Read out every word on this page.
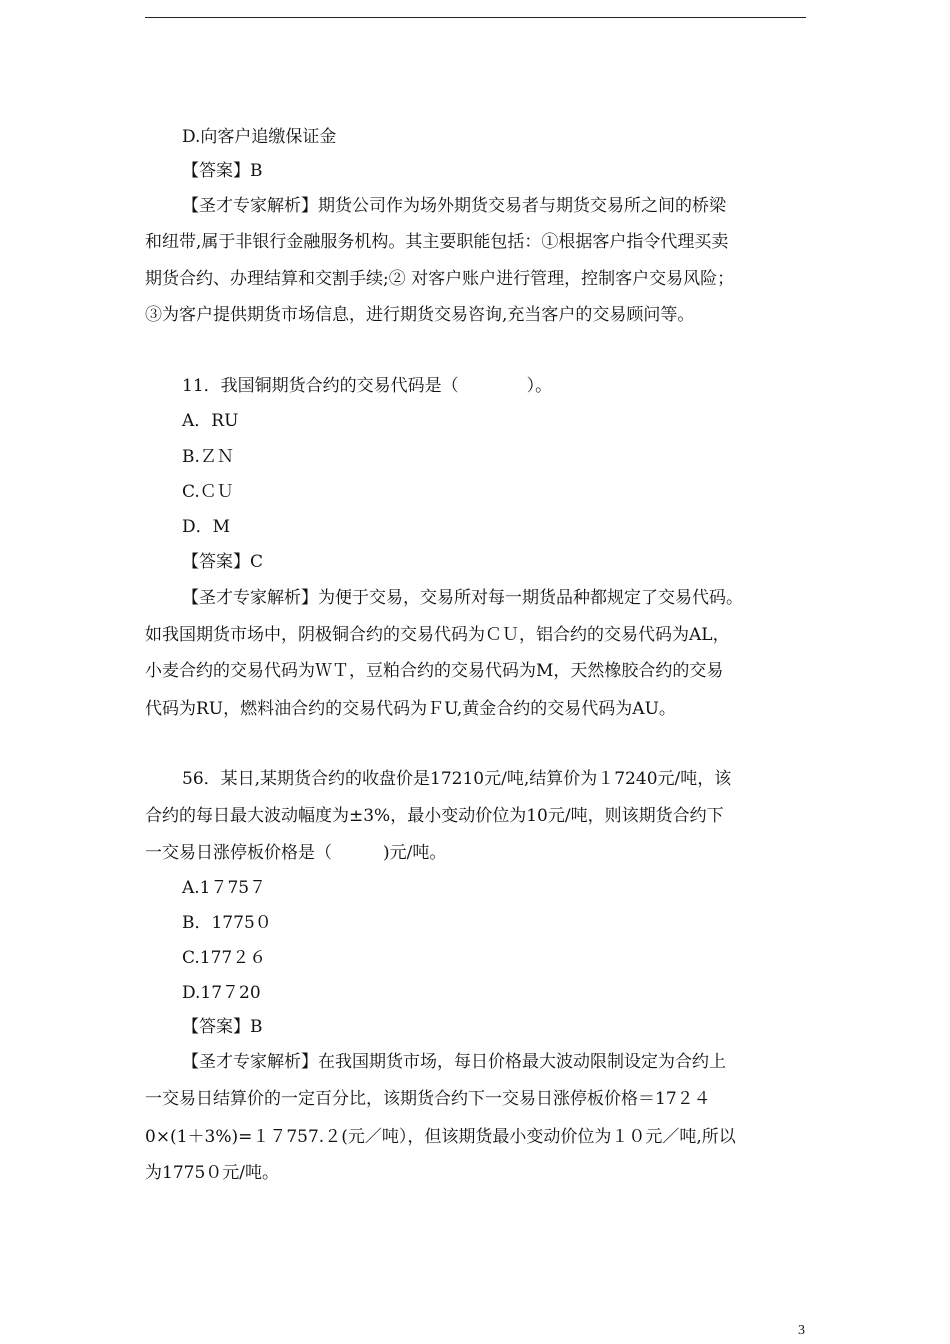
D.向客户追缴保证金
【答案】B
【圣才专家解析】期货公司作为场外期货交易者与期货交易所之间的桥梁
和纽带,属于非银行金融服务机构。其主要职能包括：①根据客户指令代理买卖
期货合约、办理结算和交割手续;② 对客户账户进行管理，控制客户交易风险；
③为客户提供期货市场信息，进行期货交易咨询,充当客户的交易顾问等。
11．我国铜期货合约的交易代码是（　　　　）。
A．RU
B.ＺＮ
C.ＣＵ
D．M
【答案】C
【圣才专家解析】为便于交易，交易所对每一期货品种都规定了交易代码。
如我国期货市场中，阴极铜合约的交易代码为ＣＵ，铝合约的交易代码为AL，
小麦合约的交易代码为ＷＴ，豆粕合约的交易代码为M，天然橡胶合约的交易
代码为RU，燃料油合约的交易代码为ＦU,黄金合约的交易代码为AU。
56．某日,某期货合约的收盘价是17210元/吨,结算价为１7240元/吨，该
合约的每日最大波动幅度为±3%，最小变动价位为10元/吨，则该期货合约下
一交易日涨停板价格是（　　　)元/吨。
A.1７75７
B．1775０
C.177２６
D.17７20
【答案】B
【圣才专家解析】在我国期货市场，每日价格最大波动限制设定为合约上
一交易日结算价的一定百分比，该期货合约下一交易日涨停板价格＝17２４
0×(1＋3%)=１７757.２(元／吨），但该期货最小变动价位为１０元／吨,所以
为1775０元/吨。
3
